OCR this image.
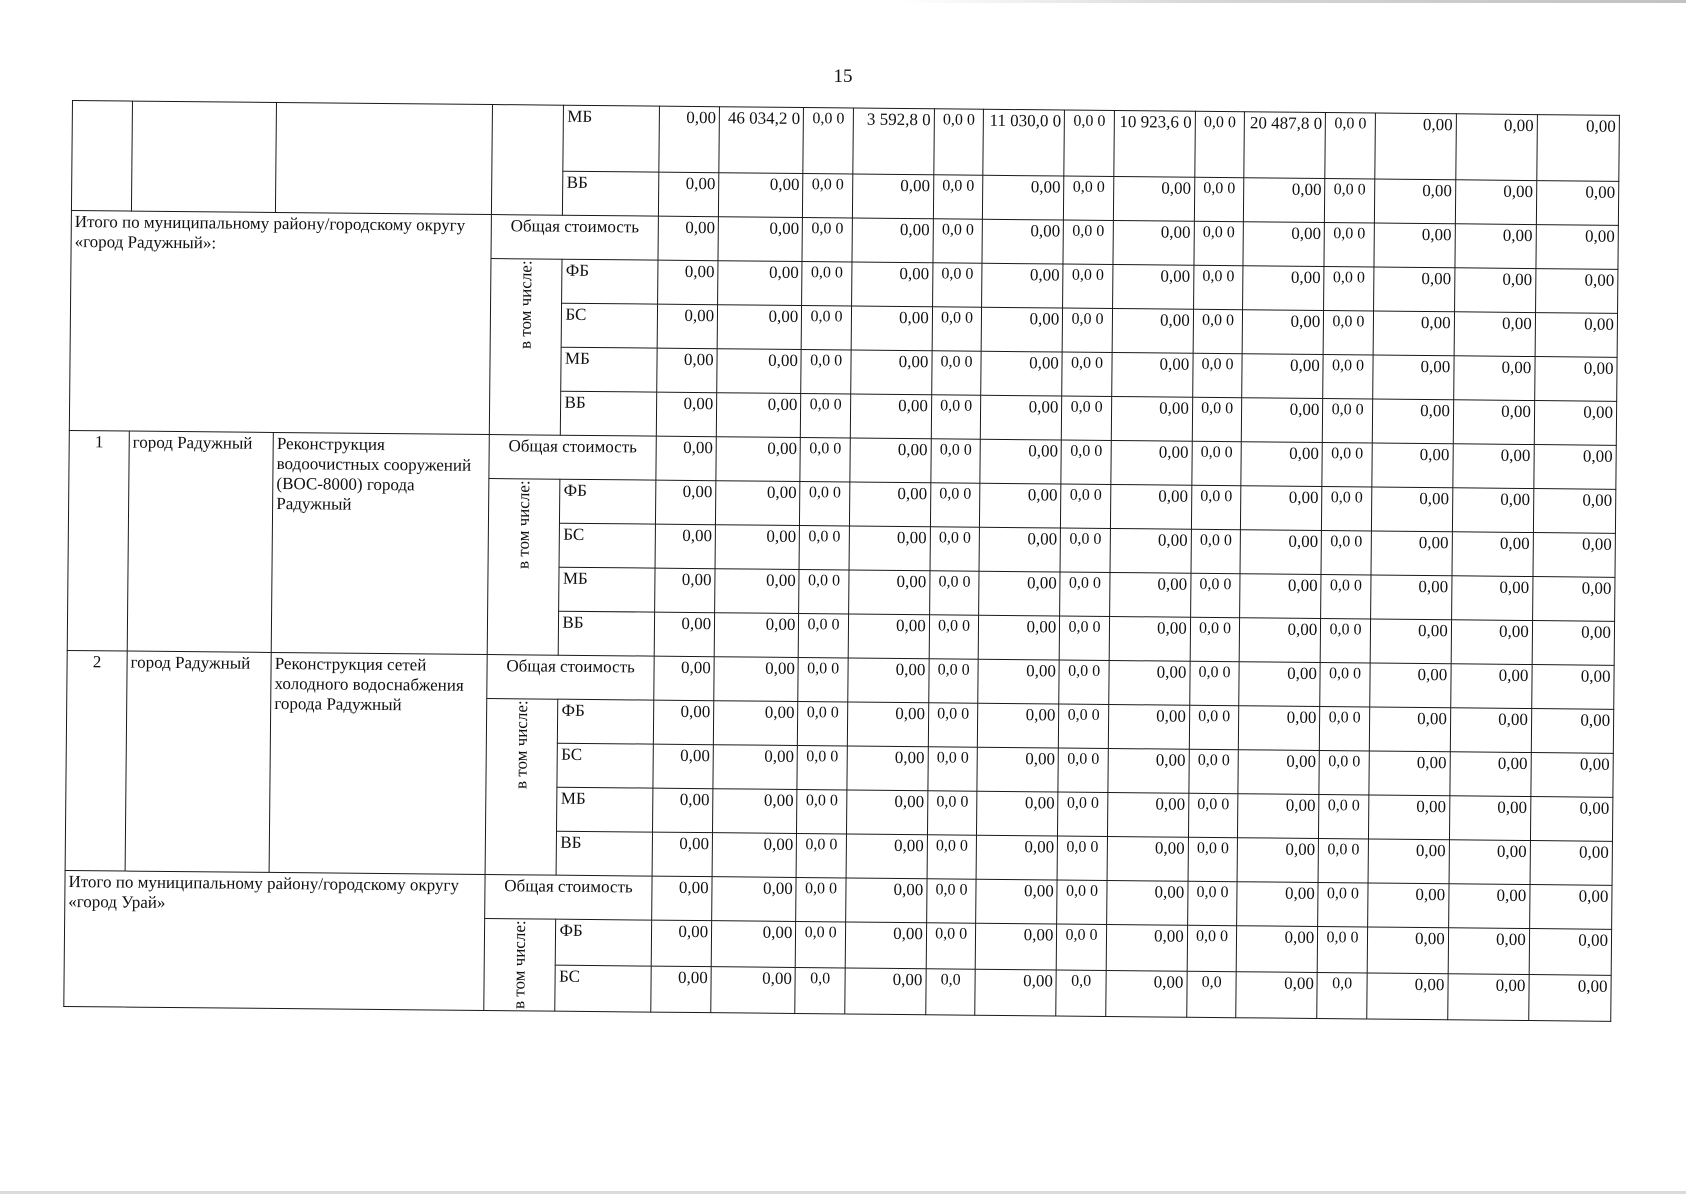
15
				МБ	0,00	46 034,2 0	0,0 0	3 592,8 0	0,0 0	11 030,0 0	0,0 0	10 923,6 0	0,0 0	20 487,8 0	0,0 0	0,00	0,00	0,00
				ВБ	0,00	0,00	0,0 0	0,00	0,0 0	0,00	0,0 0	0,00	0,0 0	0,00	0,0 0	0,00	0,00	0,00
Итого по муниципальному району/городскому округу «город Радужный»:			Общая стоимость		0,00	0,00	0,0 0	0,00	0,0 0	0,00	0,0 0	0,00	0,0 0	0,00	0,0 0	0,00	0,00	0,00

			в том числе:	ФБ	0,00	0,00	0,0 0	0,00	0,0 0	0,00	0,0 0	0,00	0,0 0	0,00	0,0 0	0,00	0,00	0,00
				БС	0,00	0,00	0,0 0	0,00	0,0 0	0,00	0,0 0	0,00	0,0 0	0,00	0,0 0	0,00	0,00	0,00
				МБ	0,00	0,00	0,0 0	0,00	0,0 0	0,00	0,0 0	0,00	0,0 0	0,00	0,0 0	0,00	0,00	0,00
				ВБ	0,00	0,00	0,0 0	0,00	0,0 0	0,00	0,0 0	0,00	0,0 0	0,00	0,0 0	0,00	0,00	0,00
1	город Радужный	Реконструкция водоочистных сооружений (ВОС-8000) города Радужный	Общая стоимость		0,00	0,00	0,0 0	0,00	0,0 0	0,00	0,0 0	0,00	0,0 0	0,00	0,0 0	0,00	0,00	0,00

			в том числе:	ФБ	0,00	0,00	0,0 0	0,00	0,0 0	0,00	0,0 0	0,00	0,0 0	0,00	0,0 0	0,00	0,00	0,00
				БС	0,00	0,00	0,0 0	0,00	0,0 0	0,00	0,0 0	0,00	0,0 0	0,00	0,0 0	0,00	0,00	0,00
				МБ	0,00	0,00	0,0 0	0,00	0,0 0	0,00	0,0 0	0,00	0,0 0	0,00	0,0 0	0,00	0,00	0,00
				ВБ	0,00	0,00	0,0 0	0,00	0,0 0	0,00	0,0 0	0,00	0,0 0	0,00	0,0 0	0,00	0,00	0,00
2	город Радужный	Реконструкция сетей холодного водоснабжения города Радужный	Общая стоимость		0,00	0,00	0,0 0	0,00	0,0 0	0,00	0,0 0	0,00	0,0 0	0,00	0,0 0	0,00	0,00	0,00

			в том числе:	ФБ	0,00	0,00	0,0 0	0,00	0,0 0	0,00	0,0 0	0,00	0,0 0	0,00	0,0 0	0,00	0,00	0,00
				БС	0,00	0,00	0,0 0	0,00	0,0 0	0,00	0,0 0	0,00	0,0 0	0,00	0,0 0	0,00	0,00	0,00
				МБ	0,00	0,00	0,0 0	0,00	0,0 0	0,00	0,0 0	0,00	0,0 0	0,00	0,0 0	0,00	0,00	0,00
				ВБ	0,00	0,00	0,0 0	0,00	0,0 0	0,00	0,0 0	0,00	0,0 0	0,00	0,0 0	0,00	0,00	0,00
Итого по муниципальному району/городскому округу «город Урай»			Общая стоимость		0,00	0,00	0,0 0	0,00	0,0 0	0,00	0,0 0	0,00	0,0 0	0,00	0,0 0	0,00	0,00	0,00

			в том числе:	ФБ	0,00	0,00	0,0 0	0,00	0,0 0	0,00	0,0 0	0,00	0,0 0	0,00	0,0 0	0,00	0,00	0,00
				БС	0,00	0,00	0,0	0,00	0,0	0,00	0,0	0,00	0,0	0,00	0,0	0,00	0,00	0,00
